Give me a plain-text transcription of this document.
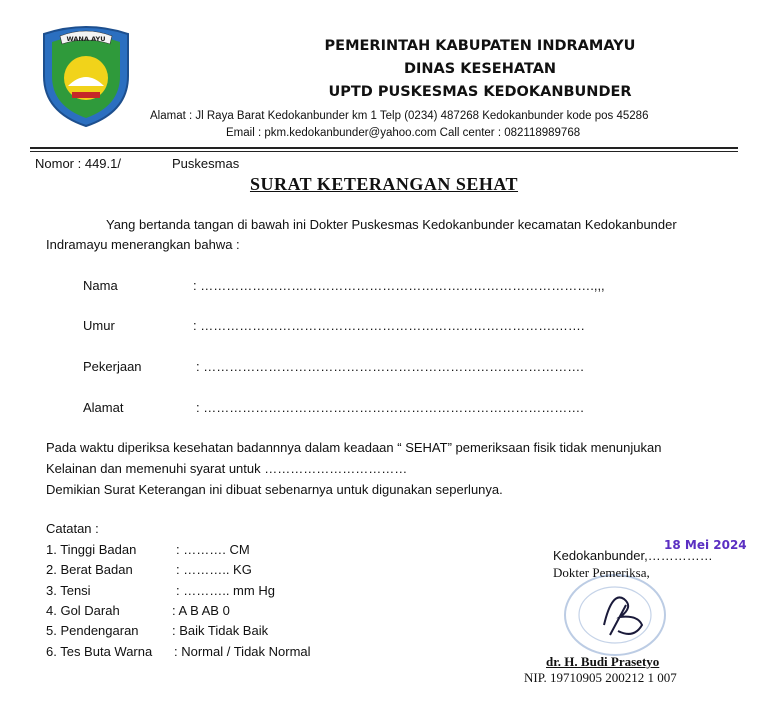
WANA AYU	PEMERINTAH KABUPATEN INDRAMAYU
DINAS KESEHATAN
UPTD PUSKESMAS KEDOKANBUNDER
Alamat : Jl Raya Barat Kedokanbunder km 1 Telp (0234) 487268 Kedokanbunder kode pos 45286
Email : pkm.kedokanbunder@yahoo.com Call center : 082118989768
Nomor : 449.1/	Puskesmas
SURAT KETERANGAN SEHAT
Yang bertanda tangan di bawah ini Dokter Puskesmas Kedokanbunder kecamatan Kedokanbunder
Indramayu menerangkan bahwa :
Nama	: ……………………………………………………………………………….,,,
Umur	: ……………………………………………………………………….…….
Pekerjaan	: …………………………………………………………………………….
Alamat	: …………………………………………………………………………….
Pada waktu diperiksa kesehatan badannnya dalam keadaan “ SEHAT” pemeriksaan fisik tidak menunjukan
Kelainan dan memenuhi syarat untuk ……………………………
Demikian Surat Keterangan ini dibuat sebenarnya untuk digunakan seperlunya.
Catatan :
1. Tinggi Badan	: ………. CM
2. Berat Badan	: ……….. KG
3. Tensi	: ……….. mm Hg
4. Gol Darah	: A B AB 0
5. Pendengaran	: Baik Tidak Baik
6. Tes Buta Warna : Normal / Tidak Normal
18 Mei 2024
Kedokanbunder,……………
Dokter Pemeriksa,
dr. H. Budi Prasetyo
NIP. 19710905 200212 1 007
